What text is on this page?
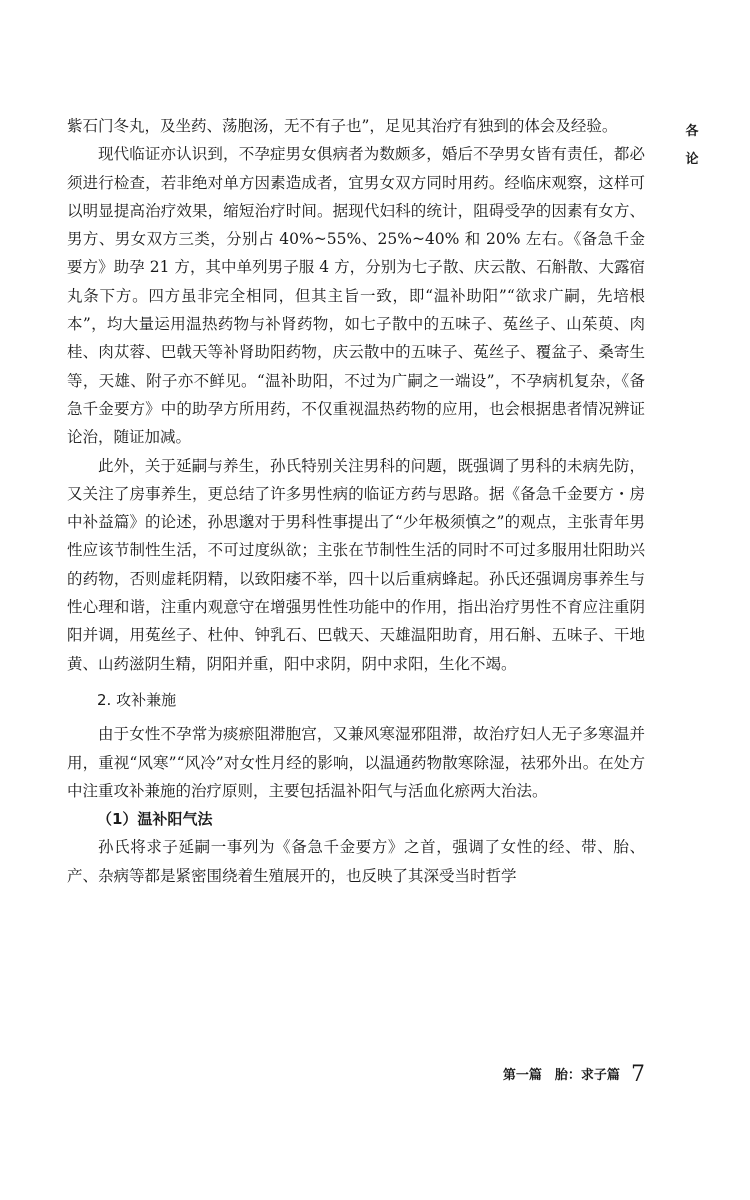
各论

紫石门冬丸，及坐药、荡胞汤，无不有子也”，足见其治疗有独到的体会及经验。

现代临证亦认识到，不孕症男女俱病者为数颇多，婚后不孕男女皆有责任，都必须进行检查，若非绝对单方因素造成者，宜男女双方同时用药。经临床观察，这样可以明显提高治疗效果，缩短治疗时间。据现代妇科的统计，阻碍受孕的因素有女方、男方、男女双方三类，分别占 40%~55%、25%~40% 和 20% 左右。《备急千金要方》助孕 21 方，其中单列男子服 4 方，分别为七子散、庆云散、石斛散、大露宿丸条下方。四方虽非完全相同，但其主旨一致，即“温补助阳”“欲求广嗣，先培根本”，均大量运用温热药物与补肾药物，如七子散中的五味子、菟丝子、山茱萸、肉桂、肉苁蓉、巴戟天等补肾助阳药物，庆云散中的五味子、菟丝子、覆盆子、桑寄生等，天雄、附子亦不鲜见。“温补助阳，不过为广嗣之一端设”，不孕病机复杂，《备急千金要方》中的助孕方所用药，不仅重视温热药物的应用，也会根据患者情况辨证论治，随证加减。

此外，关于延嗣与养生，孙氏特别关注男科的问题，既强调了男科的未病先防，又关注了房事养生，更总结了许多男性病的临证方药与思路。据《备急千金要方・房中补益篇》的论述，孙思邈对于男科性事提出了“少年极须慎之”的观点，主张青年男性应该节制性生活，不可过度纵欲；主张在节制性生活的同时不可过多服用壮阳助兴的药物，否则虚耗阴精，以致阳痿不举，四十以后重病蜂起。孙氏还强调房事养生与性心理和谐，注重内观意守在增强男性性功能中的作用，指出治疗男性不育应注重阴阳并调，用菟丝子、杜仲、钟乳石、巴戟天、天雄温阳助育，用石斛、五味子、干地黄、山药滋阴生精，阴阳并重，阳中求阴，阴中求阳，生化不竭。

2. 攻补兼施

由于女性不孕常为痰瘀阻滞胞宫，又兼风寒湿邪阻滞，故治疗妇人无子多寒温并用，重视“风寒”“风冷”对女性月经的影响，以温通药物散寒除湿，祛邪外出。在处方中注重攻补兼施的治疗原则，主要包括温补阳气与活血化瘀两大治法。

（1）温补阳气法

孙氏将求子延嗣一事列为《备急千金要方》之首，强调了女性的经、带、胎、产、杂病等都是紧密围绕着生殖展开的，也反映了其深受当时哲学

第一篇　胎：求子篇 7
